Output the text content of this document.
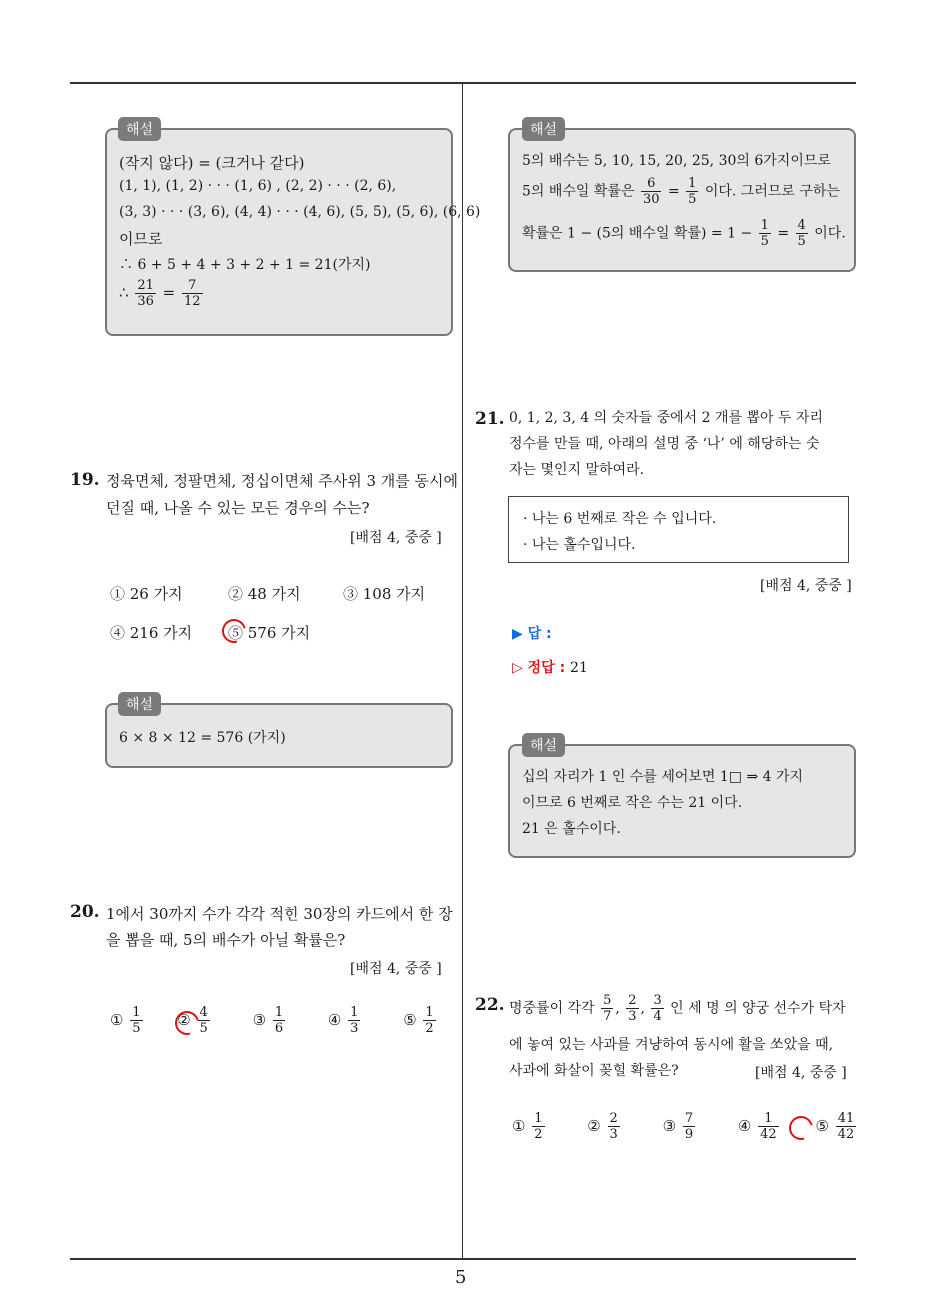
5
(작지 않다) = (크거나 같다)
(1, 1), (1, 2) · · · (1, 6) , (2, 2) · · · (2, 6),
(3, 3) · · · (3, 6), (4, 4) · · · (4, 6), (5, 5), (5, 6), (6, 6)
이므로
∴ 6 + 5 + 4 + 3 + 2 + 1 = 21(가지)
∴ $\frac{21}{36} = \frac{7}{12}$
해설
19. 정육면체, 정팔면체, 정십이면체 주사위 3 개를 동시에
던질 때, 나올 수 있는 모든 경우의 수는?
[배점 4, 중중 ]
① 26 가지	② 48 가지	③ 108 가지
④ 216 가지 ⑤ 576 가지
6 × 8 × 12 = 576 (가지)
해설
20. 1에서 30까지 수가 각각 적힌 30장의 카드에서 한 장
을 뽑을 때, 5의 배수가 아닐 확률은?
[배점 4, 중중 ]
① $\frac{1}{5}$ ② $\frac{4}{5}$	③ $\frac{1}{6}$	④ $\frac{1}{3}$	⑤ $\frac{1}{2}$
5의 배수는 5, 10, 15, 20, 25, 30의 6가지이므로
5의 배수일 확률은 $\frac{6}{30} = \frac{1}{5}$ 이다. 그러므로 구하는
확률은 1 − (5의 배수일 확률) = $1 - \frac{1}{5} = \frac{4}{5}$ 이다.
해설
21. 0, 1, 2, 3, 4 의 숫자들 중에서 2 개를 뽑아 두 자리
정수를 만들 때, 아래의 설명 중 ‘나’ 에 해당하는 숫
자는 몇인지 말하여라.
· 나는 6 번째로 작은 수 입니다.
· 나는 홀수입니다.
[배점 4, 중중 ]
▶ 답 :
▷ 정답 : 21
십의 자리가 1 인 수를 세어보면 1□ ⇒ 4 가지
이므로 6 번째로 작은 수는 21 이다.
21 은 홀수이다.
해설
22. 명중률이 각각 $\frac{5}{7}$ , $\frac{2}{3}$ , $\frac{3}{4}$ 인 세 명 의 양궁 선수가 탁자
에 놓여 있는 사과를 겨냥하여 동시에 활을 쏘았을 때,
사과에 화살이 꽂힐 확률은?	[배점 4, 중중 ]
① $\frac{1}{2}$	② $\frac{2}{3}$	③ $\frac{7}{9}$	④ $\frac{1}{42}$ ⑤ $\frac{41}{42}$
